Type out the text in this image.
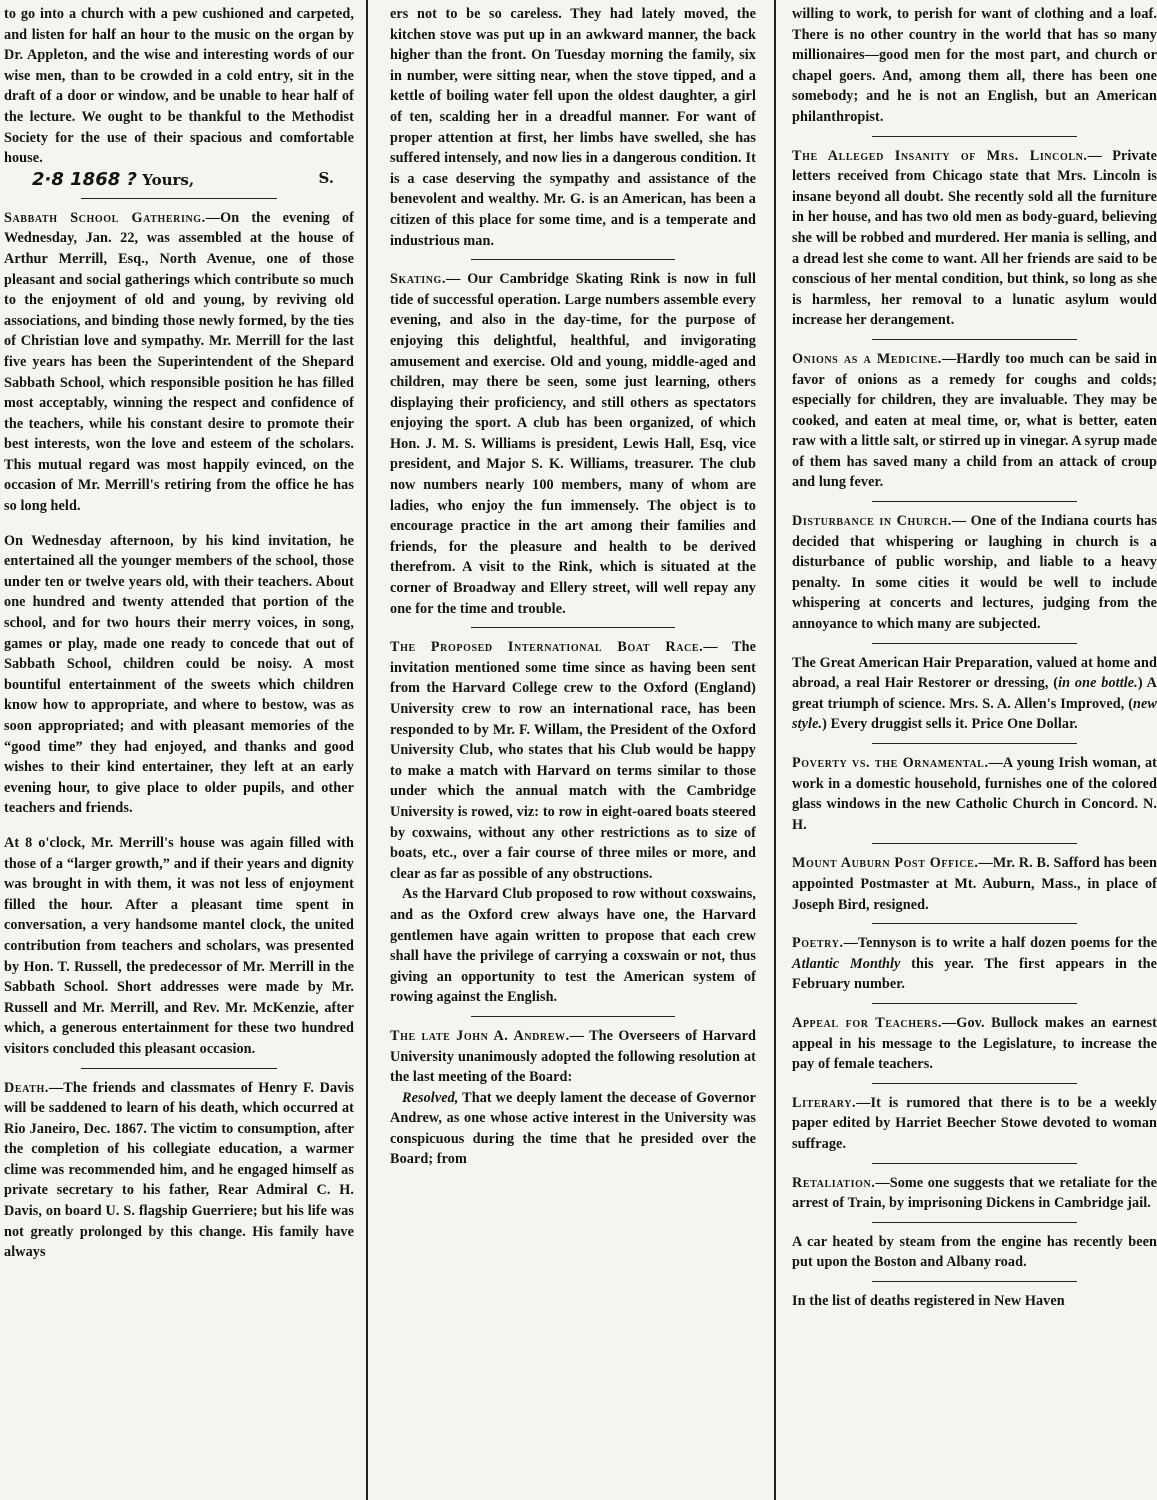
to go into a church with a pew cushioned and carpeted, and listen for half an hour to the music on the organ by Dr. Appleton, and the wise and interesting words of our wise men, than to be crowded in a cold entry, sit in the draft of a door or window, and be unable to hear half of the lecture. We ought to be thankful to the Methodist Society for the use of their spacious and comfortable house.

2·8 1868 ? Yours,	S.

Sabbath School Gathering.—On the evening of Wednesday, Jan. 22, was assembled at the house of Arthur Merrill, Esq., North Avenue, one of those pleasant and social gatherings which contribute so much to the enjoyment of old and young, by reviving old associations, and binding those newly formed, by the ties of Christian love and sympathy. Mr. Merrill for the last five years has been the Superintendent of the Shepard Sabbath School, which responsible position he has filled most acceptably, winning the respect and confidence of the teachers, while his constant desire to promote their best interests, won the love and esteem of the scholars. This mutual regard was most happily evinced, on the occasion of Mr. Merrill's retiring from the office he has so long held.

On Wednesday afternoon, by his kind invitation, he entertained all the younger members of the school, those under ten or twelve years old, with their teachers. About one hundred and twenty attended that portion of the school, and for two hours their merry voices, in song, games or play, made one ready to concede that out of Sabbath School, children could be noisy. A most bountiful entertainment of the sweets which children know how to appropriate, and where to bestow, was as soon appropriated; and with pleasant memories of the “good time” they had enjoyed, and thanks and good wishes to their kind entertainer, they left at an early evening hour, to give place to older pupils, and other teachers and friends.

At 8 o'clock, Mr. Merrill's house was again filled with those of a “larger growth,” and if their years and dignity was brought in with them, it was not less of enjoyment filled the hour. After a pleasant time spent in conversation, a very handsome mantel clock, the united contribution from teachers and scholars, was presented by Hon. T. Russell, the predecessor of Mr. Merrill in the Sabbath School. Short addresses were made by Mr. Russell and Mr. Merrill, and Rev. Mr. McKenzie, after which, a generous entertainment for these two hundred visitors concluded this pleasant occasion.

Death.—The friends and classmates of Henry F. Davis will be saddened to learn of his death, which occurred at Rio Janeiro, Dec. 1867. The victim to consumption, after the completion of his collegiate education, a warmer clime was recommended him, and he engaged himself as private secretary to his father, Rear Admiral C. H. Davis, on board U. S. flagship Guerriere; but his life was not greatly prolonged by this change. His family have always

ers not to be so careless. They had lately moved, the kitchen stove was put up in an awkward manner, the back higher than the front. On Tuesday morning the family, six in number, were sitting near, when the stove tipped, and a kettle of boiling water fell upon the oldest daughter, a girl of ten, scalding her in a dreadful manner. For want of proper attention at first, her limbs have swelled, she has suffered intensely, and now lies in a dangerous condition. It is a case deserving the sympathy and assistance of the benevolent and wealthy. Mr. G. is an American, has been a citizen of this place for some time, and is a temperate and industrious man.

Skating.— Our Cambridge Skating Rink is now in full tide of successful operation. Large numbers assemble every evening, and also in the day-time, for the purpose of enjoying this delightful, healthful, and invigorating amusement and exercise. Old and young, middle-aged and children, may there be seen, some just learning, others displaying their proficiency, and still others as spectators enjoying the sport. A club has been organized, of which Hon. J. M. S. Williams is president, Lewis Hall, Esq, vice president, and Major S. K. Williams, treasurer. The club now numbers nearly 100 members, many of whom are ladies, who enjoy the fun immensely. The object is to encourage practice in the art among their families and friends, for the pleasure and health to be derived therefrom. A visit to the Rink, which is situated at the corner of Broadway and Ellery street, will well repay any one for the time and trouble.

The Proposed International Boat Race.— The invitation mentioned some time since as having been sent from the Harvard College crew to the Oxford (England) University crew to row an international race, has been responded to by Mr. F. Willam, the President of the Oxford University Club, who states that his Club would be happy to make a match with Harvard on terms similar to those under which the annual match with the Cambridge University is rowed, viz: to row in eight-oared boats steered by coxwains, without any other restrictions as to size of boats, etc., over a fair course of three miles or more, and clear as far as possible of any obstructions.

As the Harvard Club proposed to row without coxswains, and as the Oxford crew always have one, the Harvard gentlemen have again written to propose that each crew shall have the privilege of carrying a coxswain or not, thus giving an opportunity to test the American system of rowing against the English.

The late John A. Andrew.— The Overseers of Harvard University unanimously adopted the following resolution at the last meeting of the Board:

Resolved, That we deeply lament the decease of Governor Andrew, as one whose active interest in the University was conspicuous during the time that he presided over the Board; from

willing to work, to perish for want of clothing and a loaf. There is no other country in the world that has so many millionaires—good men for the most part, and church or chapel goers. And, among them all, there has been one somebody; and he is not an English, but an American philanthropist.

The Alleged Insanity of Mrs. Lincoln.— Private letters received from Chicago state that Mrs. Lincoln is insane beyond all doubt. She recently sold all the furniture in her house, and has two old men as body-guard, believing she will be robbed and murdered. Her mania is selling, and a dread lest she come to want. All her friends are said to be conscious of her mental condition, but think, so long as she is harmless, her removal to a lunatic asylum would increase her derangement.

Onions as a Medicine.—Hardly too much can be said in favor of onions as a remedy for coughs and colds; especially for children, they are invaluable. They may be cooked, and eaten at meal time, or, what is better, eaten raw with a little salt, or stirred up in vinegar. A syrup made of them has saved many a child from an attack of croup and lung fever.

Disturbance in Church.— One of the Indiana courts has decided that whispering or laughing in church is a disturbance of public worship, and liable to a heavy penalty. In some cities it would be well to include whispering at concerts and lectures, judging from the annoyance to which many are subjected.

The Great American Hair Preparation, valued at home and abroad, a real Hair Restorer or dressing, (in one bottle.) A great triumph of science. Mrs. S. A. Allen's Improved, (new style.) Every druggist sells it. Price One Dollar.

Poverty vs. the Ornamental.—A young Irish woman, at work in a domestic household, furnishes one of the colored glass windows in the new Catholic Church in Concord. N. H.

Mount Auburn Post Office.—Mr. R. B. Safford has been appointed Postmaster at Mt. Auburn, Mass., in place of Joseph Bird, resigned.

Poetry.—Tennyson is to write a half dozen poems for the Atlantic Monthly this year. The first appears in the February number.

Appeal for Teachers.—Gov. Bullock makes an earnest appeal in his message to the Legislature, to increase the pay of female teachers.

Literary.—It is rumored that there is to be a weekly paper edited by Harriet Beecher Stowe devoted to woman suffrage.

Retaliation.—Some one suggests that we retaliate for the arrest of Train, by imprisoning Dickens in Cambridge jail.

A car heated by steam from the engine has recently been put upon the Boston and Albany road.

In the list of deaths registered in New Haven
